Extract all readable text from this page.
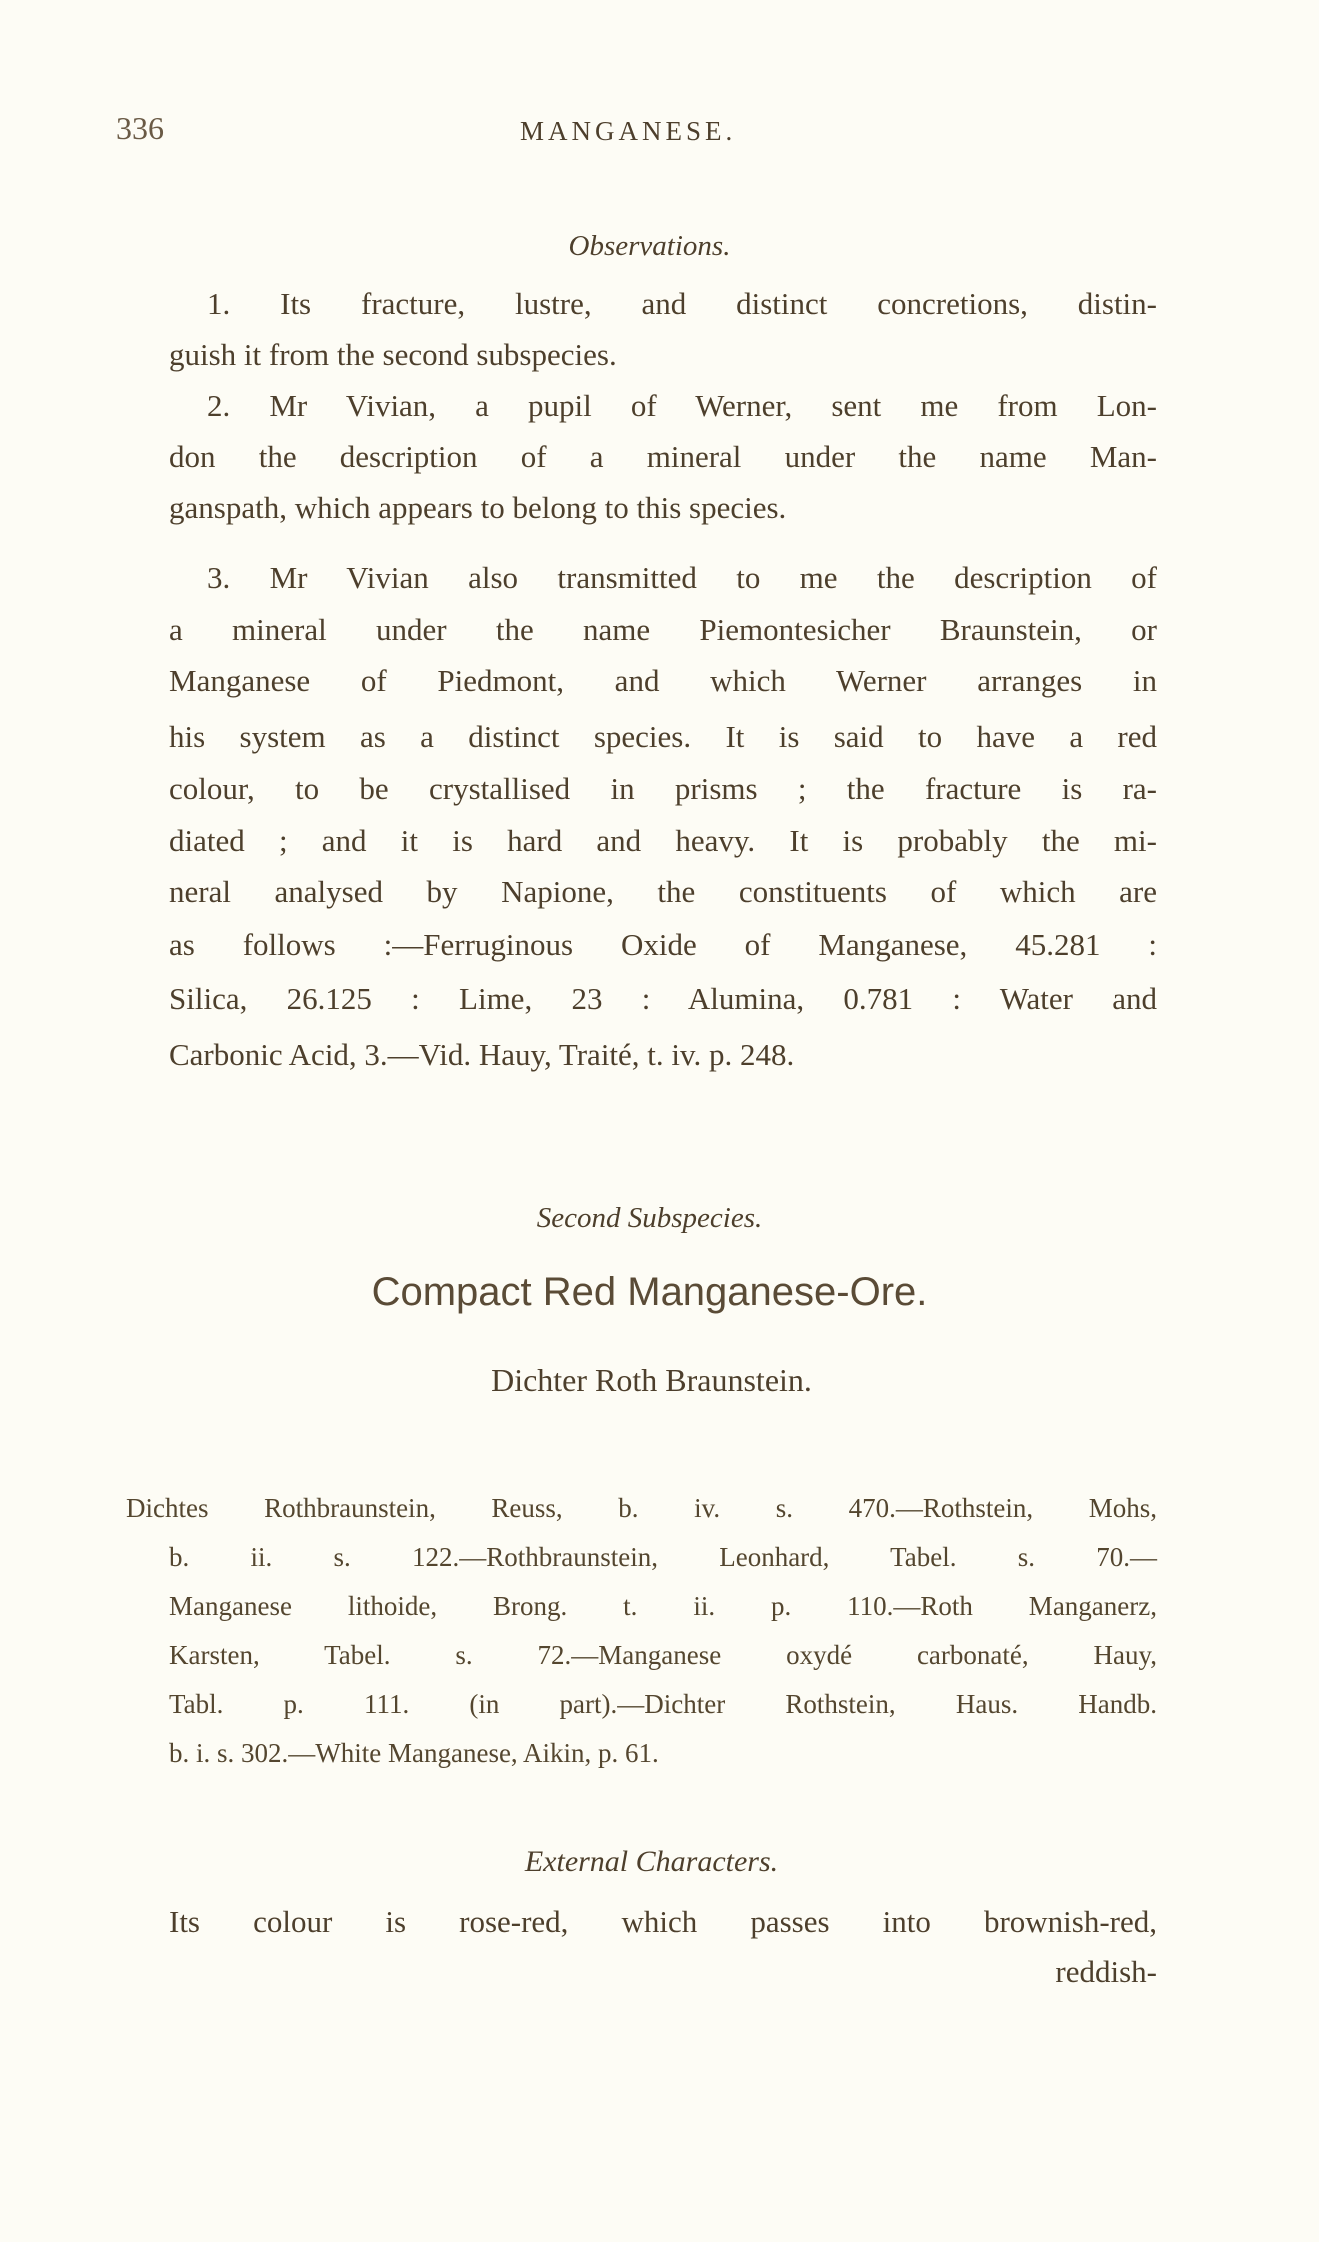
336	MANGANESE.
Observations.
1. Its fracture, lustre, and distinct concretions, distin-
guish it from the second subspecies.
2. Mr Vivian, a pupil of Werner, sent me from Lon-
don the description of a mineral under the name Man-
ganspath, which appears to belong to this species.
3. Mr Vivian also transmitted to me the description of
a mineral under the name Piemontesicher Braunstein, or
Manganese of Piedmont, and which Werner arranges in
his system as a distinct species. It is said to have a red
colour, to be crystallised in prisms ; the fracture is ra-
diated ; and it is hard and heavy. It is probably the mi-
neral analysed by Napione, the constituents of which are
as follows :—Ferruginous Oxide of Manganese, 45.281 :
Silica, 26.125 : Lime, 23 : Alumina, 0.781 : Water and
Carbonic Acid, 3.—Vid. Hauy, Traité, t. iv. p. 248.
Second Subspecies.
Compact Red Manganese-Ore.
Dichter Roth Braunstein.
Dichtes Rothbraunstein, Reuss, b. iv. s. 470.—Rothstein, Mohs,
b. ii. s. 122.—Rothbraunstein, Leonhard, Tabel. s. 70.—
Manganese lithoide, Brong. t. ii. p. 110.—Roth Manganerz,
Karsten, Tabel. s. 72.—Manganese oxydé carbonaté, Hauy,
Tabl. p. 111. (in part).—Dichter Rothstein, Haus. Handb.
b. i. s. 302.—White Manganese, Aikin, p. 61.
External Characters.
Its colour is rose-red, which passes into brownish-red,
reddish-
